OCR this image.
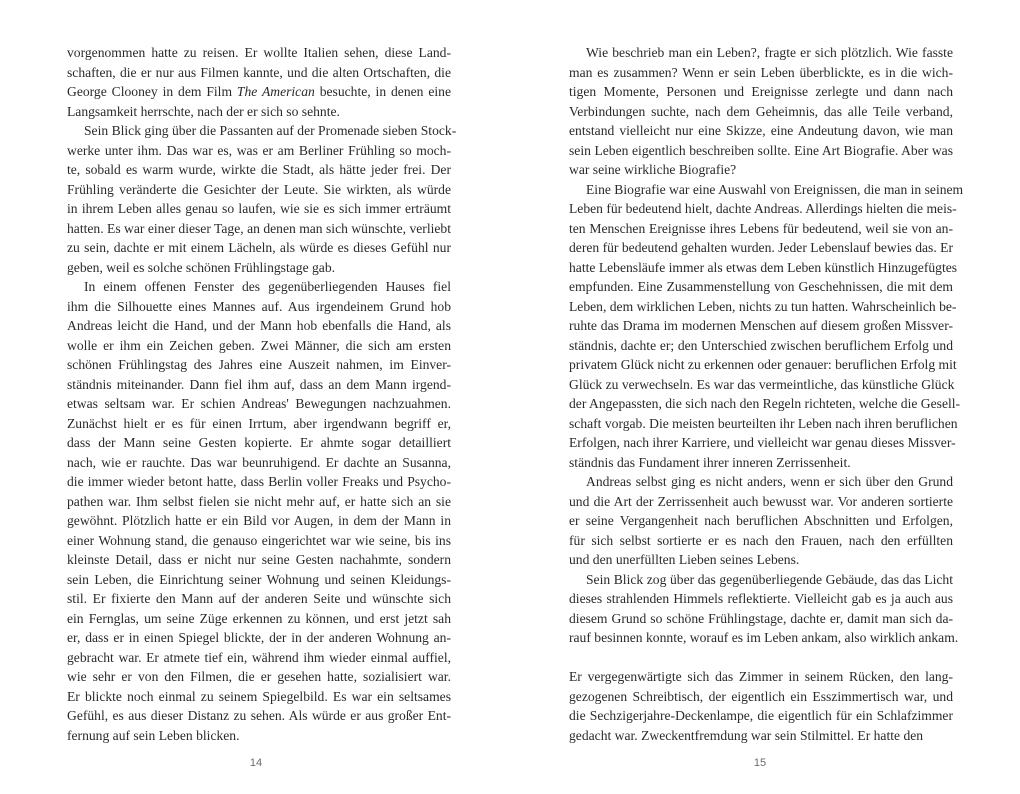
vorgenommen hatte zu reisen. Er wollte Italien sehen, diese Land-
schaften, die er nur aus Filmen kannte, und die alten Ortschaften, die
George Clooney in dem Film The American besuchte, in denen eine
Langsamkeit herrschte, nach der er sich so sehnte.

Sein Blick ging über die Passanten auf der Promenade sieben Stock-
werke unter ihm. Das war es, was er am Berliner Frühling so moch-
te, sobald es warm wurde, wirkte die Stadt, als hätte jeder frei. Der
Frühling veränderte die Gesichter der Leute. Sie wirkten, als würde
in ihrem Leben alles genau so laufen, wie sie es sich immer erträumt
hatten. Es war einer dieser Tage, an denen man sich wünschte, verliebt
zu sein, dachte er mit einem Lächeln, als würde es dieses Gefühl nur
geben, weil es solche schönen Frühlingstage gab.

In einem offenen Fenster des gegenüberliegenden Hauses fiel
ihm die Silhouette eines Mannes auf. Aus irgendeinem Grund hob
Andreas leicht die Hand, und der Mann hob ebenfalls die Hand, als
wolle er ihm ein Zeichen geben. Zwei Männer, die sich am ersten
schönen Frühlingstag des Jahres eine Auszeit nahmen, im Einver-
ständnis miteinander. Dann fiel ihm auf, dass an dem Mann irgend-
etwas seltsam war. Er schien Andreas' Bewegungen nachzuahmen.
Zunächst hielt er es für einen Irrtum, aber irgendwann begriff er,
dass der Mann seine Gesten kopierte. Er ahmte sogar detailliert
nach, wie er rauchte. Das war beunruhigend. Er dachte an Susanna,
die immer wieder betont hatte, dass Berlin voller Freaks und Psycho-
pathen war. Ihm selbst fielen sie nicht mehr auf, er hatte sich an sie
gewöhnt. Plötzlich hatte er ein Bild vor Augen, in dem der Mann in
einer Wohnung stand, die genauso eingerichtet war wie seine, bis ins
kleinste Detail, dass er nicht nur seine Gesten nachahmte, sondern
sein Leben, die Einrichtung seiner Wohnung und seinen Kleidungs-
stil. Er fixierte den Mann auf der anderen Seite und wünschte sich
ein Fernglas, um seine Züge erkennen zu können, und erst jetzt sah
er, dass er in einen Spiegel blickte, der in der anderen Wohnung an-
gebracht war. Er atmete tief ein, während ihm wieder einmal auffiel,
wie sehr er von den Filmen, die er gesehen hatte, sozialisiert war.
Er blickte noch einmal zu seinem Spiegelbild. Es war ein seltsames
Gefühl, es aus dieser Distanz zu sehen. Als würde er aus großer Ent-
fernung auf sein Leben blicken.

14

Wie beschrieb man ein Leben?, fragte er sich plötzlich. Wie fasste
man es zusammen? Wenn er sein Leben überblickte, es in die wich-
tigen Momente, Personen und Ereignisse zerlegte und dann nach
Verbindungen suchte, nach dem Geheimnis, das alle Teile verband,
entstand vielleicht nur eine Skizze, eine Andeutung davon, wie man
sein Leben eigentlich beschreiben sollte. Eine Art Biografie. Aber was
war seine wirkliche Biografie?

Eine Biografie war eine Auswahl von Ereignissen, die man in seinem
Leben für bedeutend hielt, dachte Andreas. Allerdings hielten die meis-
ten Menschen Ereignisse ihres Lebens für bedeutend, weil sie von an-
deren für bedeutend gehalten wurden. Jeder Lebenslauf bewies das. Er
hatte Lebensläufe immer als etwas dem Leben künstlich Hinzugefügtes
empfunden. Eine Zusammenstellung von Geschehnissen, die mit dem
Leben, dem wirklichen Leben, nichts zu tun hatten. Wahrscheinlich be-
ruhte das Drama im modernen Menschen auf diesem großen Missver-
ständnis, dachte er; den Unterschied zwischen beruflichem Erfolg und
privatem Glück nicht zu erkennen oder genauer: beruflichen Erfolg mit
Glück zu verwechseln. Es war das vermeintliche, das künstliche Glück
der Angepassten, die sich nach den Regeln richteten, welche die Gesell-
schaft vorgab. Die meisten beurteilten ihr Leben nach ihren beruflichen
Erfolgen, nach ihrer Karriere, und vielleicht war genau dieses Missver-
ständnis das Fundament ihrer inneren Zerrissenheit.

Andreas selbst ging es nicht anders, wenn er sich über den Grund
und die Art der Zerrissenheit auch bewusst war. Vor anderen sortierte
er seine Vergangenheit nach beruflichen Abschnitten und Erfolgen,
für sich selbst sortierte er es nach den Frauen, nach den erfüllten
und den unerfüllten Lieben seines Lebens.

Sein Blick zog über das gegenüberliegende Gebäude, das das Licht
dieses strahlenden Himmels reflektierte. Vielleicht gab es ja auch aus
diesem Grund so schöne Frühlingstage, dachte er, damit man sich da-
rauf besinnen konnte, worauf es im Leben ankam, also wirklich ankam.

Er vergegenwärtigte sich das Zimmer in seinem Rücken, den lang-
gezogenen Schreibtisch, der eigentlich ein Esszimmertisch war, und
die Sechzigerjahre-Deckenlampe, die eigentlich für ein Schlafzimmer
gedacht war. Zweckentfremdung war sein Stilmittel. Er hatte den

15
